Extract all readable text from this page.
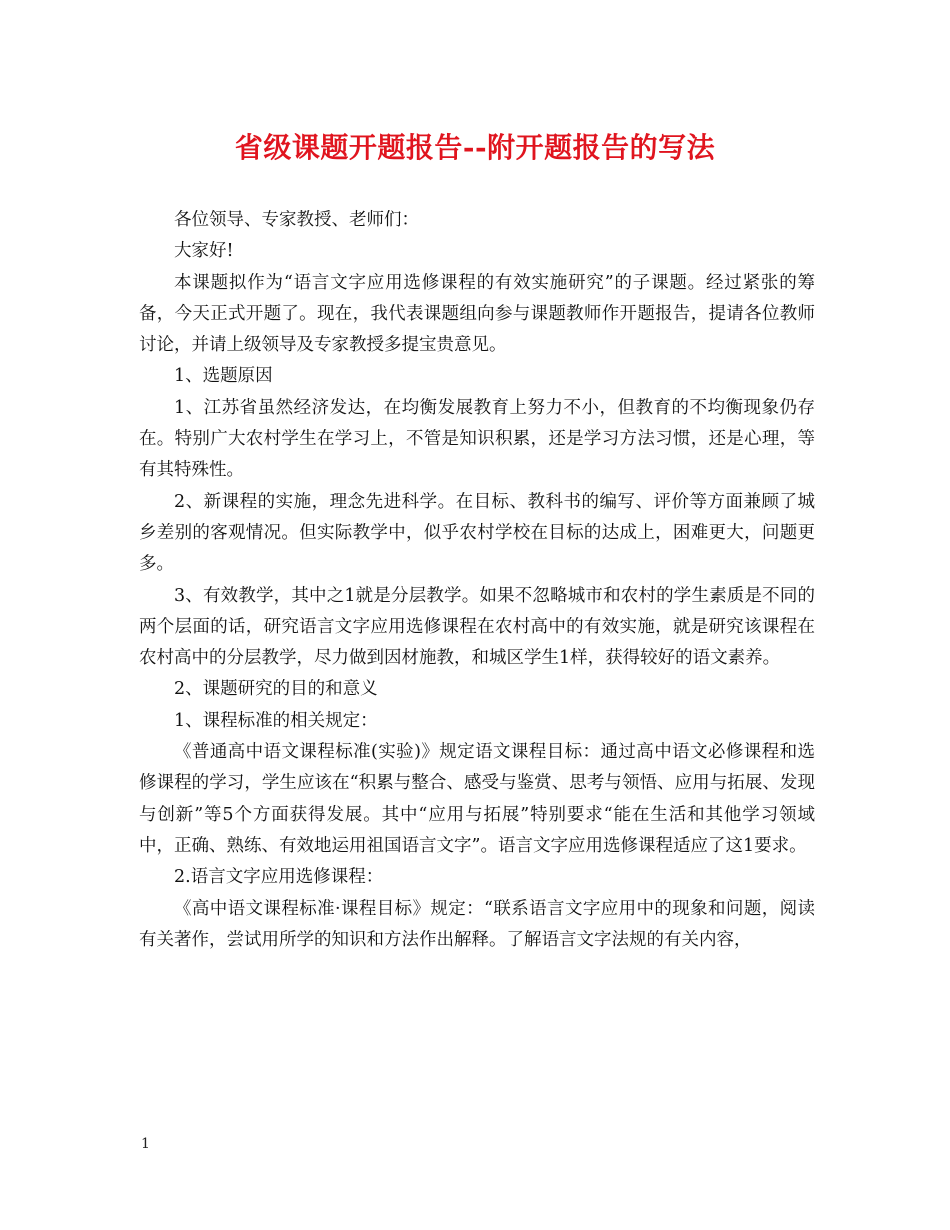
省级课题开题报告--附开题报告的写法

各位领导、专家教授、老师们：

大家好!

本课题拟作为“语言文字应用选修课程的有效实施研究”的子课题。经过紧张的筹备，今天正式开题了。现在，我代表课题组向参与课题教师作开题报告，提请各位教师讨论，并请上级领导及专家教授多提宝贵意见。

1、选题原因

1、江苏省虽然经济发达，在均衡发展教育上努力不小，但教育的不均衡现象仍存在。特别广大农村学生在学习上，不管是知识积累，还是学习方法习惯，还是心理，等有其特殊性。

2、新课程的实施，理念先进科学。在目标、教科书的编写、评价等方面兼顾了城乡差别的客观情况。但实际教学中，似乎农村学校在目标的达成上，困难更大，问题更多。

3、有效教学，其中之1就是分层教学。如果不忽略城市和农村的学生素质是不同的两个层面的话，研究语言文字应用选修课程在农村高中的有效实施，就是研究该课程在农村高中的分层教学，尽力做到因材施教，和城区学生1样，获得较好的语文素养。

2、课题研究的目的和意义

1、课程标准的相关规定：

《普通高中语文课程标准(实验)》规定语文课程目标：通过高中语文必修课程和选修课程的学习，学生应该在“积累与整合、感受与鉴赏、思考与领悟、应用与拓展、发现与创新”等5个方面获得发展。其中“应用与拓展”特别要求“能在生活和其他学习领域中，正确、熟练、有效地运用祖国语言文字”。语言文字应用选修课程适应了这1要求。

2.语言文字应用选修课程：

《高中语文课程标准·课程目标》规定：“联系语言文字应用中的现象和问题，阅读有关著作，尝试用所学的知识和方法作出解释。了解语言文字法规的有关内容，

1
